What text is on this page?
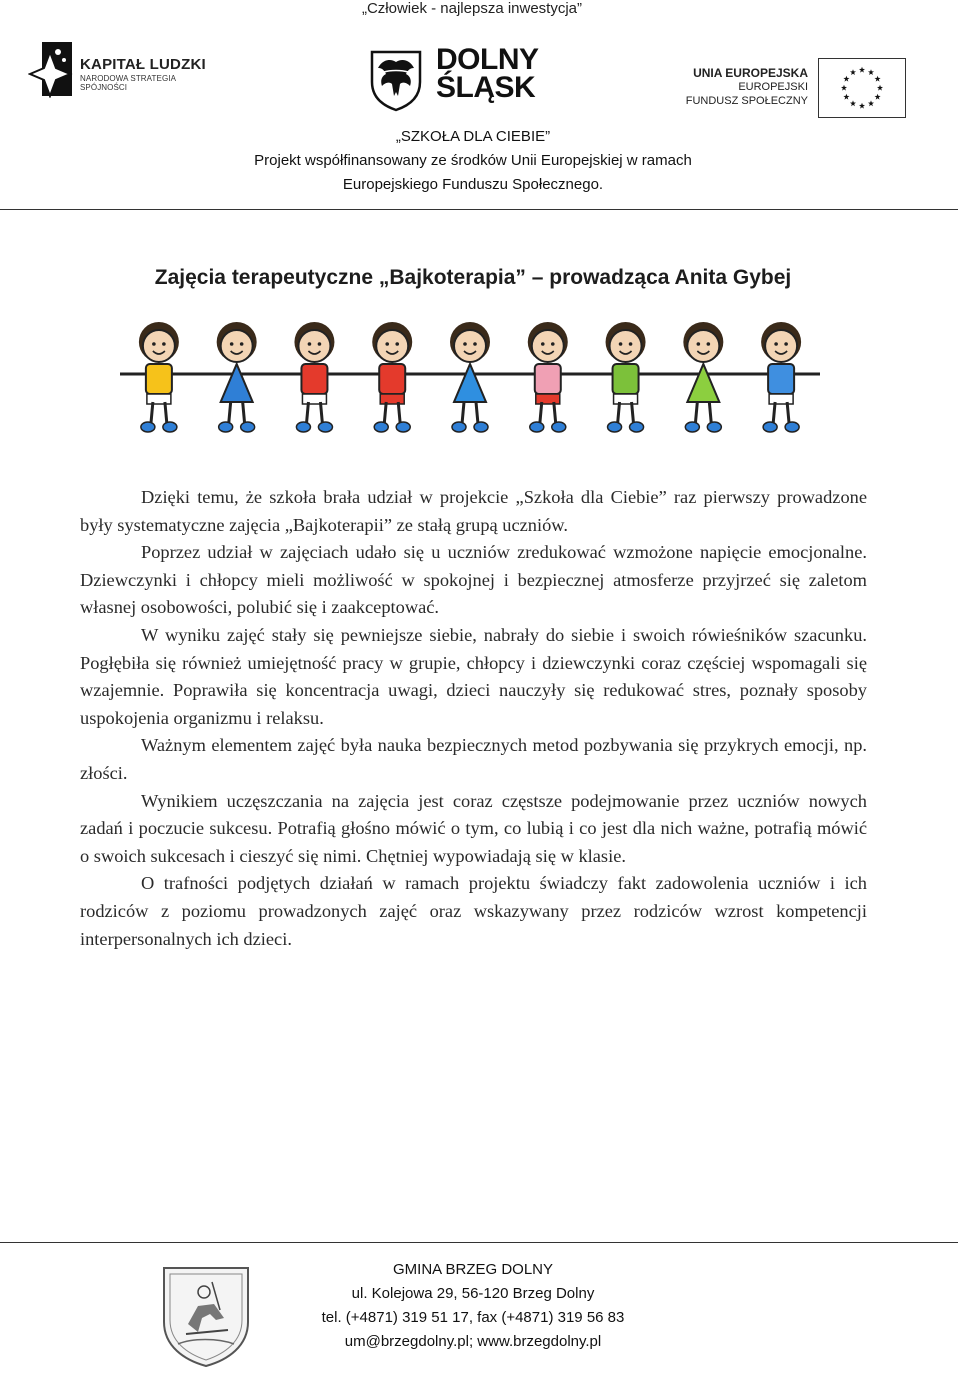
„Człowiek - najlepsza inwestycja”
KAPITAŁ LUDZKI
NARODOWA STRATEGIA SPÓJNOŚCI
DOLNY
ŚLĄSK	UNIA EUROPEJSKA
EUROPEJSKI
FUNDUSZ SPOŁECZNY
„SZKOŁA DLA CIEBIE”
Projekt współfinansowany ze środków Unii Europejskiej w ramach
Europejskiego Funduszu Społecznego.
Zajęcia terapeutyczne „Bajkoterapia” – prowadząca Anita Gybej

Dzięki temu, że szkoła brała udział w projekcie „Szkoła dla Ciebie” raz pierwszy prowadzone były systematyczne zajęcia „Bajkoterapii” ze stałą grupą uczniów.

Poprzez udział w zajęciach udało się u uczniów zredukować wzmożone napięcie emocjonalne. Dziewczynki i chłopcy mieli możliwość w spokojnej i bezpiecznej atmosferze przyjrzeć się zaletom własnej osobowości, polubić się i zaakceptować.

W wyniku zajęć stały się pewniejsze siebie, nabrały do siebie i swoich rówieśników szacunku. Pogłębiła się również umiejętność pracy w grupie, chłopcy i dziewczynki coraz częściej wspomagali się wzajemnie. Poprawiła się koncentracja uwagi, dzieci nauczyły się redukować stres, poznały sposoby uspokojenia organizmu i relaksu.

Ważnym elementem zajęć była nauka bezpiecznych metod pozbywania się przykrych emocji, np. złości.

Wynikiem uczęszczania na zajęcia jest coraz częstsze podejmowanie przez uczniów nowych zadań i poczucie sukcesu. Potrafią głośno mówić o tym, co lubią i co jest dla nich ważne, potrafią mówić o swoich sukcesach i cieszyć się nimi. Chętniej wypowiadają się w klasie.

O trafności podjętych działań w ramach projektu świadczy fakt zadowolenia uczniów i ich rodziców z poziomu prowadzonych zajęć oraz wskazywany przez rodziców wzrost kompetencji interpersonalnych ich dzieci.

GMINA BRZEG DOLNY
ul. Kolejowa 29, 56-120 Brzeg Dolny
tel. (+4871) 319 51 17, fax (+4871) 319 56 83
um@brzegdolny.pl; www.brzegdolny.pl
